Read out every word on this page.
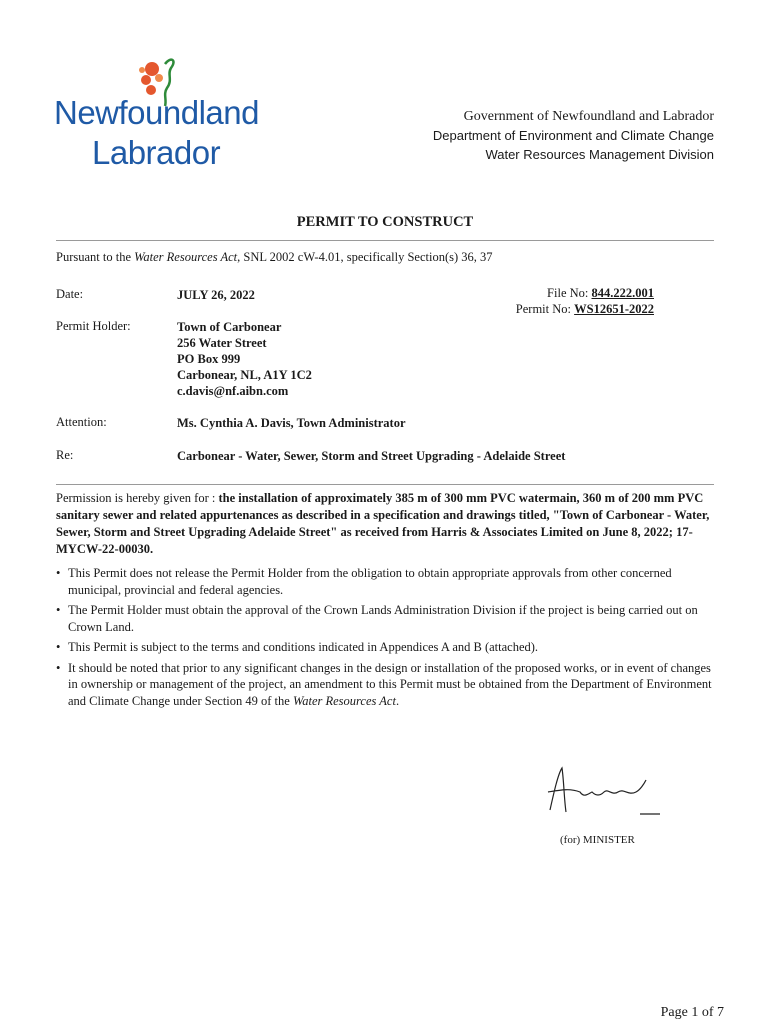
Newfoundland
Labrador
Government of Newfoundland and Labrador
Department of Environment and Climate Change
Water Resources Management Division
PERMIT TO CONSTRUCT
Pursuant to the Water Resources Act, SNL 2002 cW-4.01, specifically Section(s) 36, 37
Date:	JULY 26, 2022	File No: 844.222.001
Permit No: WS12651-2022
Permit Holder:	Town of Carbonear
256 Water Street
PO Box 999
Carbonear, NL, A1Y 1C2
c.davis@nf.aibn.com
Attention:	Ms. Cynthia A. Davis, Town Administrator
Re:	Carbonear - Water, Sewer, Storm and Street Upgrading - Adelaide Street
Permission is hereby given for : the installation of approximately 385 m of 300 mm PVC watermain, 360 m of 200 mm PVC sanitary sewer and related appurtenances as described in a specification and drawings titled, "Town of Carbonear - Water, Sewer, Storm and Street Upgrading Adelaide Street" as received from Harris & Associates Limited on June 8, 2022; 17-MYCW-22-00030.
• This Permit does not release the Permit Holder from the obligation to obtain appropriate approvals from other concerned municipal, provincial and federal agencies.
• The Permit Holder must obtain the approval of the Crown Lands Administration Division if the project is being carried out on Crown Land.
• This Permit is subject to the terms and conditions indicated in Appendices A and B (attached).
• It should be noted that prior to any significant changes in the design or installation of the proposed works, or in event of changes in ownership or management of the project, an amendment to this Permit must be obtained from the Department of Environment and Climate Change under Section 49 of the Water Resources Act.
(for) MINISTER
Page 1 of 7
